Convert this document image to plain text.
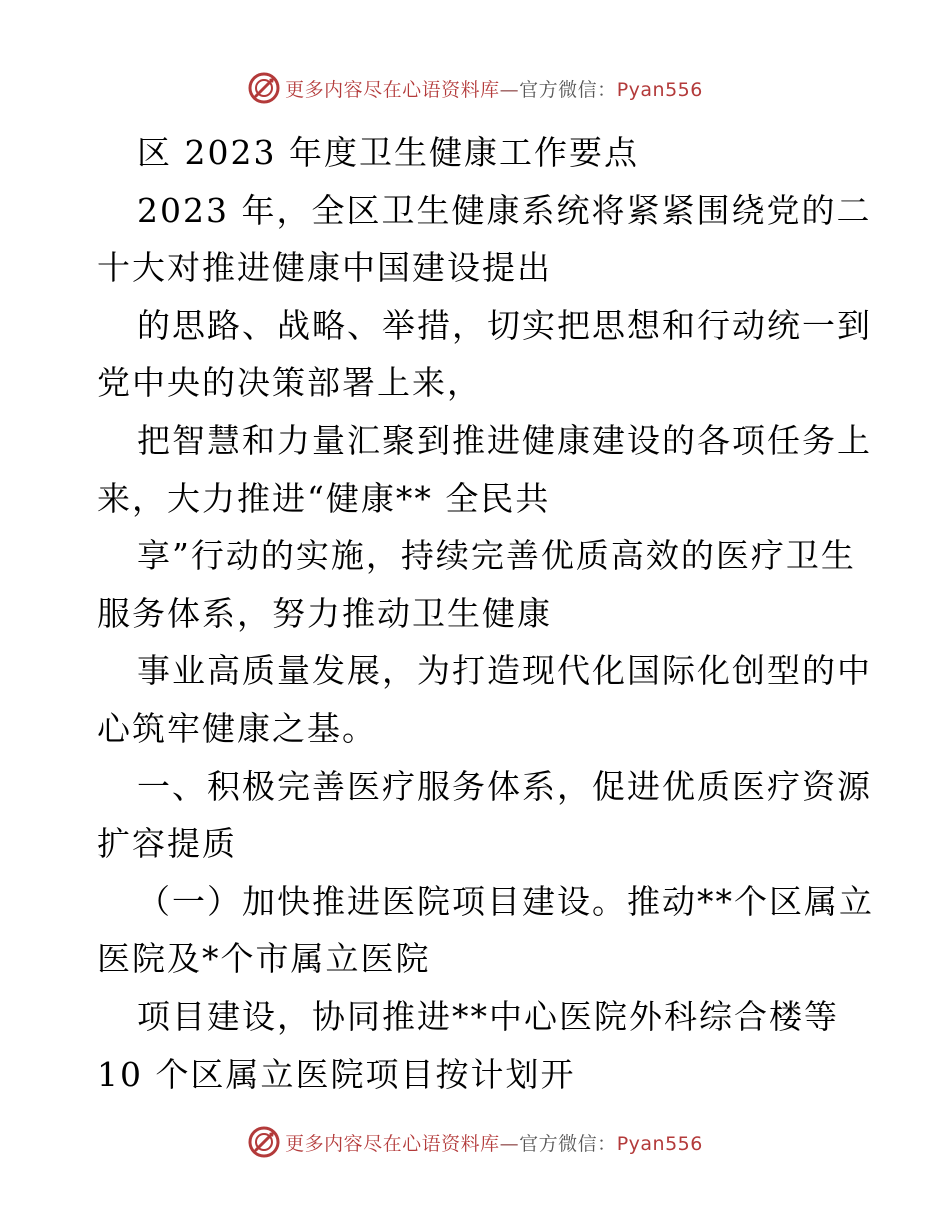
更多内容尽在心语资料库—官方微信：Pyan556
区 2023 年度卫生健康工作要点
2023 年，全区卫生健康系统将紧紧围绕党的二
十大对推进健康中国建设提出
的思路、战略、举措，切实把思想和行动统一到
党中央的决策部署上来，
把智慧和力量汇聚到推进健康建设的各项任务上
来，大力推进“健康** 全民共
享”行动的实施，持续完善优质高效的医疗卫生
服务体系，努力推动卫生健康
事业高质量发展，为打造现代化国际化创型的中
心筑牢健康之基。
一、积极完善医疗服务体系，促进优质医疗资源
扩容提质
（一）加快推进医院项目建设。推动**个区属立
医院及*个市属立医院
项目建设，协同推进**中心医院外科综合楼等
10 个区属立医院项目按计划开
更多内容尽在心语资料库—官方微信：Pyan556
